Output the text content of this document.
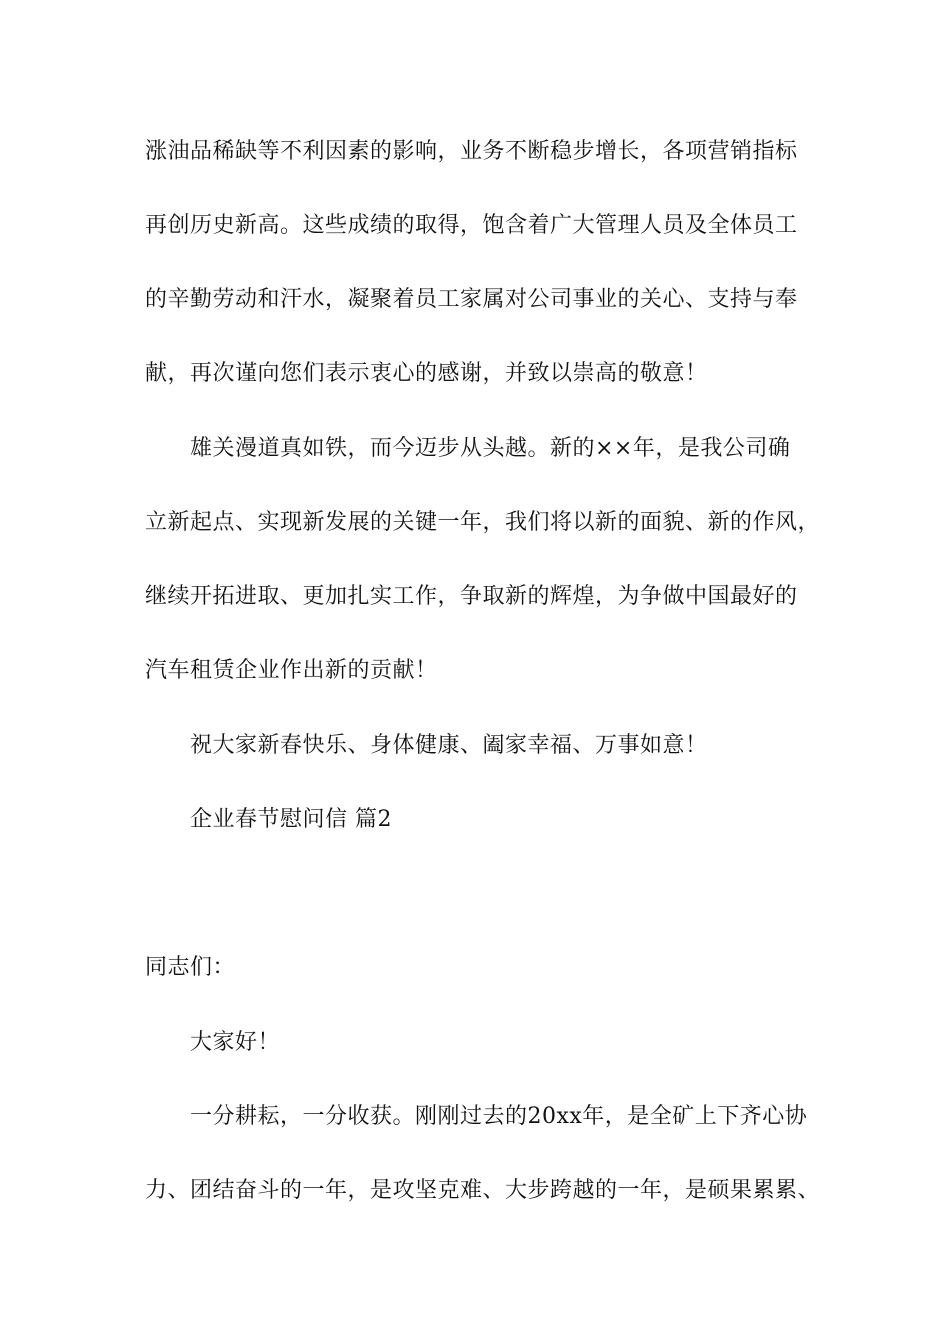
涨油品稀缺等不利因素的影响，业务不断稳步增长，各项营销指标
再创历史新高。这些成绩的取得，饱含着广大管理人员及全体员工
的辛勤劳动和汗水，凝聚着员工家属对公司事业的关心、支持与奉
献，再次谨向您们表示衷心的感谢，并致以崇高的敬意！
雄关漫道真如铁，而今迈步从头越。新的××年，是我公司确
立新起点、实现新发展的关键一年，我们将以新的面貌、新的作风，
继续开拓进取、更加扎实工作，争取新的辉煌，为争做中国最好的
汽车租赁企业作出新的贡献！
祝大家新春快乐、身体健康、阖家幸福、万事如意！
企业春节慰问信 篇2
同志们：
大家好！
一分耕耘，一分收获。刚刚过去的20xx年，是全矿上下齐心协
力、团结奋斗的一年，是攻坚克难、大步跨越的一年，是硕果累累、
